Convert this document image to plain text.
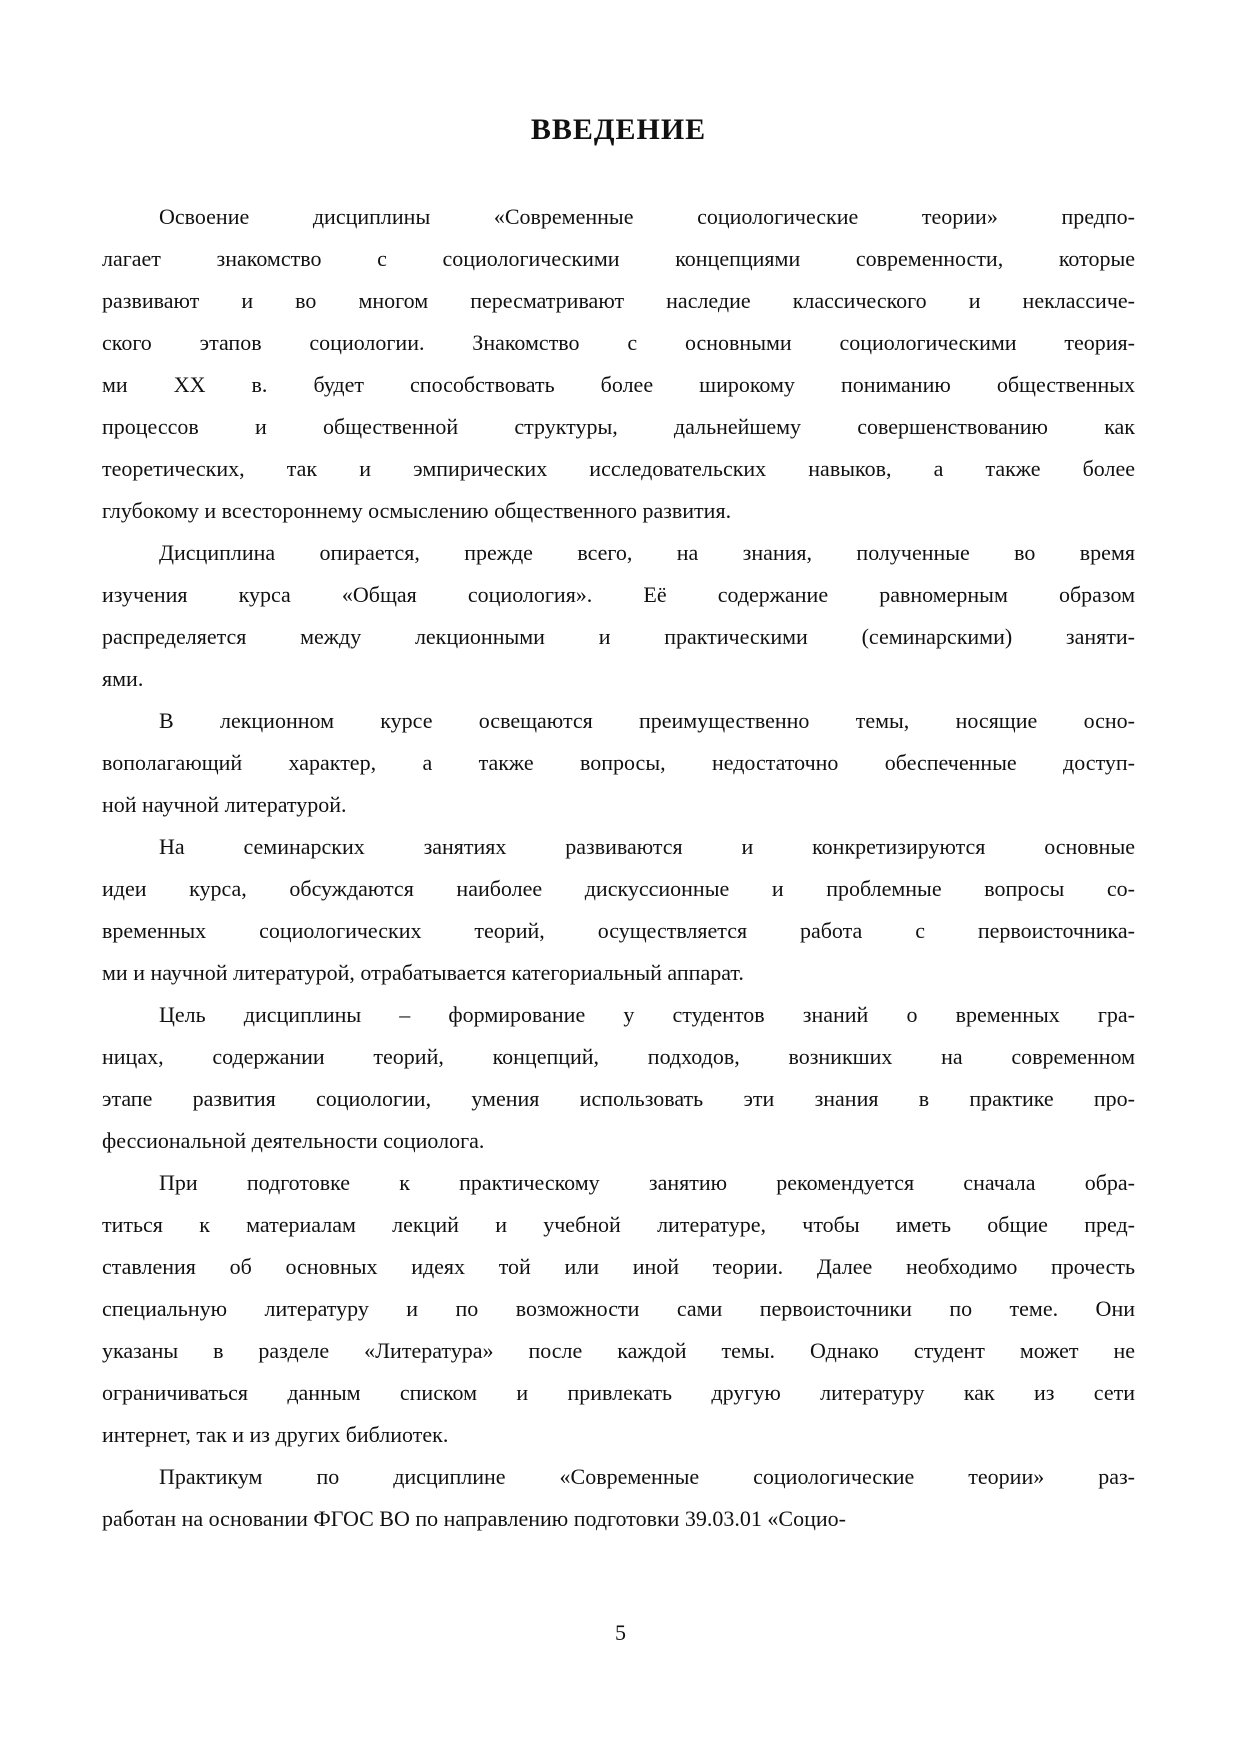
ВВЕДЕНИЕ
Освоение дисциплины «Современные социологические теории» предпо-
лагает знакомство с социологическими концепциями современности, которые
развивают и во многом пересматривают наследие классического и неклассиче-
ского этапов социологии. Знакомство с основными социологическими теория-
ми XX в. будет способствовать более широкому пониманию общественных
процессов и общественной структуры, дальнейшему совершенствованию как
теоретических, так и эмпирических исследовательских навыков, а также более
глубокому и всестороннему осмыслению общественного развития.
Дисциплина опирается, прежде всего, на знания, полученные во время
изучения курса «Общая социология». Её содержание равномерным образом
распределяется между лекционными и практическими (семинарскими) заняти-
ями.
В лекционном курсе освещаются преимущественно темы, носящие осно-
вополагающий характер, а также вопросы, недостаточно обеспеченные доступ-
ной научной литературой.
На семинарских занятиях развиваются и конкретизируются основные
идеи курса, обсуждаются наиболее дискуссионные и проблемные вопросы со-
временных социологических теорий, осуществляется работа с первоисточника-
ми и научной литературой, отрабатывается категориальный аппарат.
Цель дисциплины – формирование у студентов знаний о временных гра-
ницах, содержании теорий, концепций, подходов, возникших на современном
этапе развития социологии, умения использовать эти знания в практике про-
фессиональной деятельности социолога.
При подготовке к практическому занятию рекомендуется сначала обра-
титься к материалам лекций и учебной литературе, чтобы иметь общие пред-
ставления об основных идеях той или иной теории. Далее необходимо прочесть
специальную литературу и по возможности сами первоисточники по теме. Они
указаны в разделе «Литература» после каждой темы. Однако студент может не
ограничиваться данным списком и привлекать другую литературу как из сети
интернет, так и из других библиотек.
Практикум по дисциплине «Современные социологические теории» раз-
работан на основании ФГОС ВО по направлению подготовки 39.03.01 «Социо-
5
